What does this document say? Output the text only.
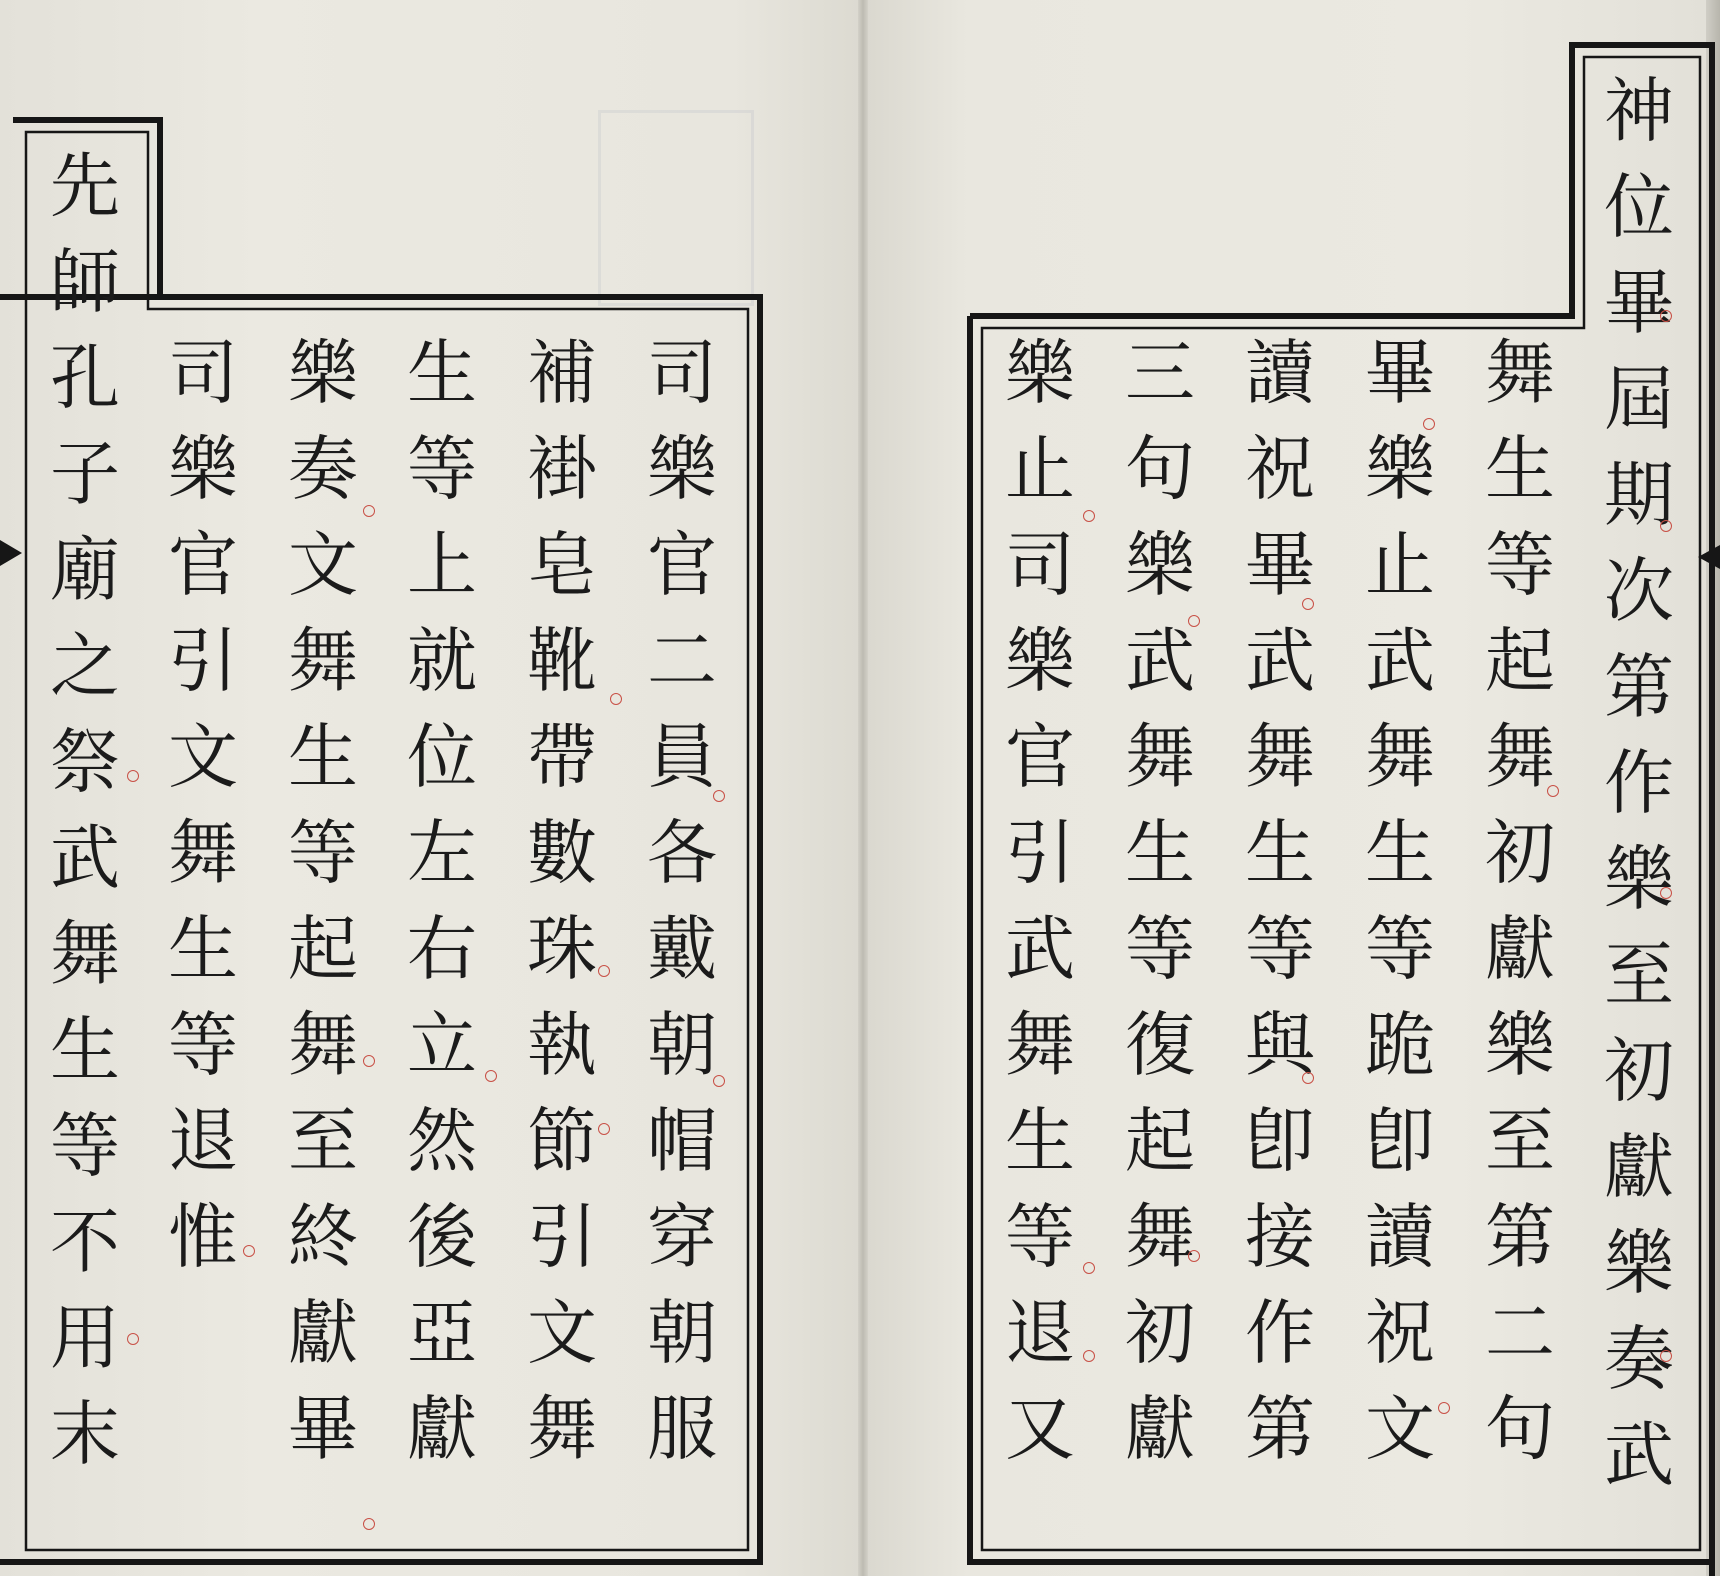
先
師
孔
子
廟
之
祭
武
舞
生
等
不
用
末
司
樂
官
二
員
各
戴
朝
帽
穿
朝
服
補
褂
皂
靴
帶
數
珠
執
節
引
文
舞
生
等
上
就
位
左
右
立
然
後
亞
獻
樂
奏
文
舞
生
等
起
舞
至
終
獻
畢
司
樂
官
引
文
舞
生
等
退
惟
神
位
畢
屆
期
次
第
作
樂
至
初
獻
樂
奏
武
舞
生
等
起
舞
初
獻
樂
至
第
二
句
畢
樂
止
武
舞
生
等
跪
卽
讀
祝
文
讀
祝
畢
武
舞
生
等
與
卽
接
作
第
三
句
樂
武
舞
生
等
復
起
舞
初
獻
樂
止
司
樂
官
引
武
舞
生
等
退
又
